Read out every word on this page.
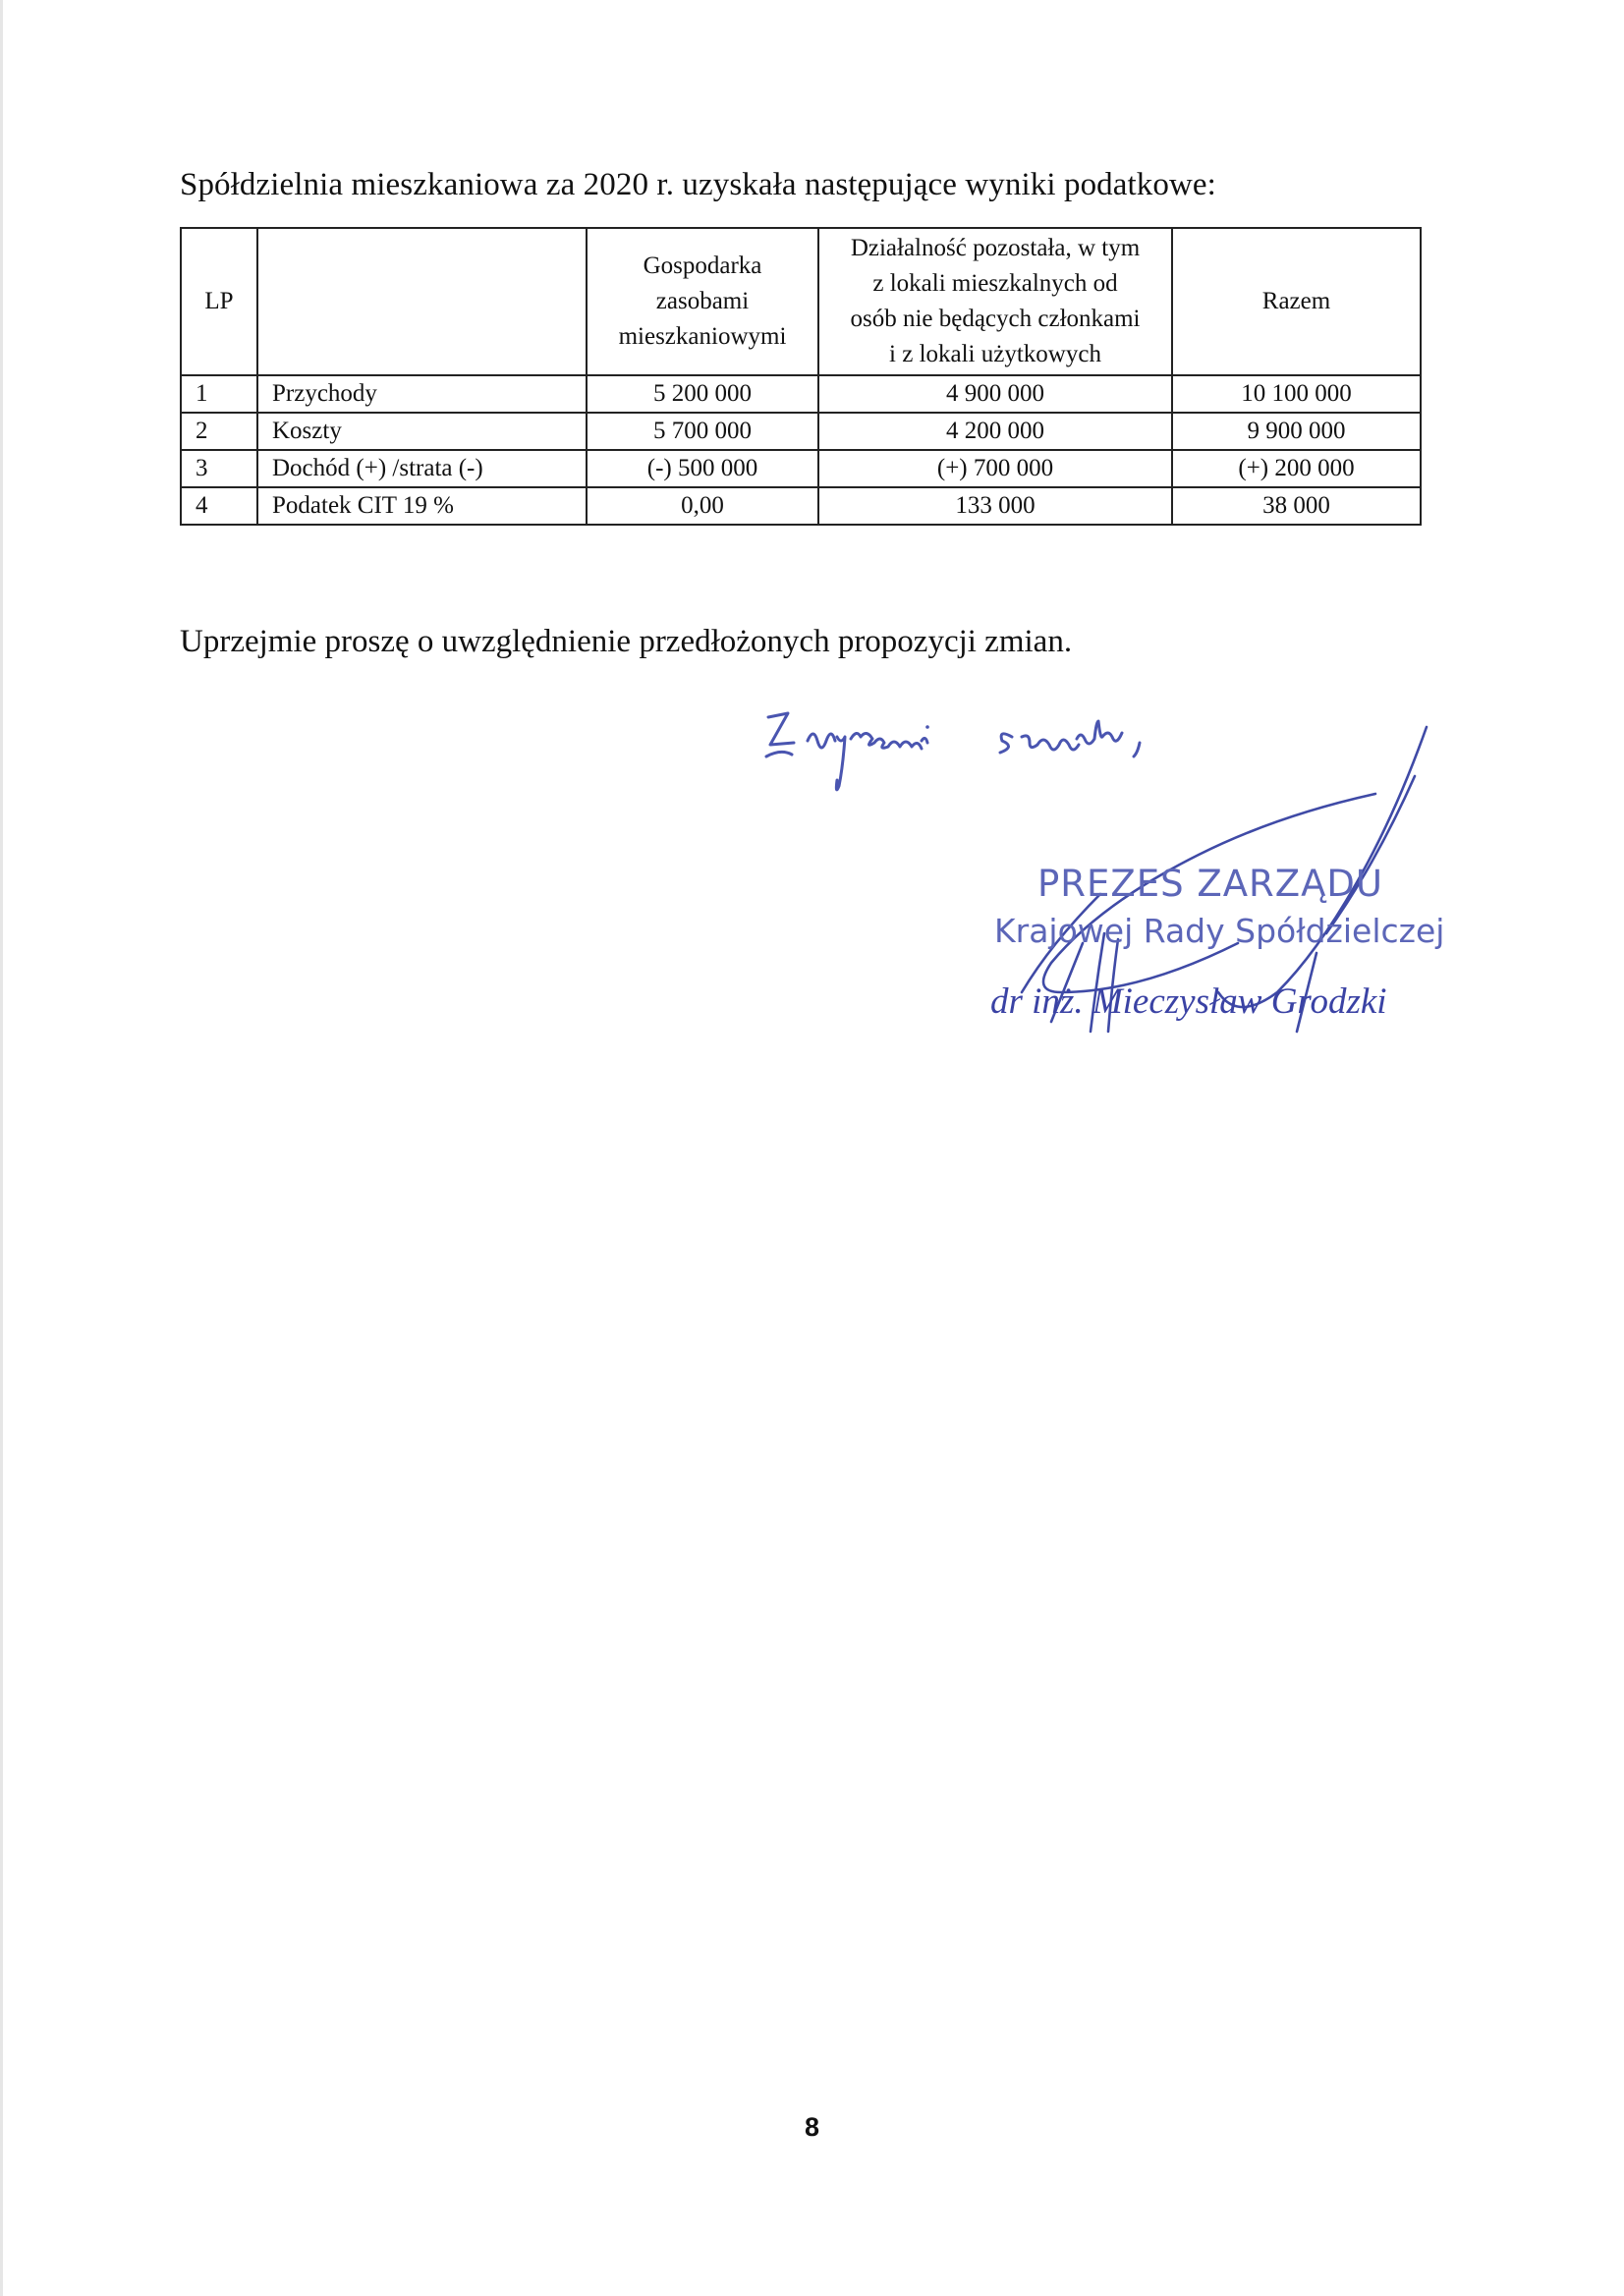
Spółdzielnia mieszkaniowa za 2020 r. uzyskała następujące wyniki podatkowe:
LP		Gospodarka
zasobami
mieszkaniowymi	Działalność pozostała, w tym
z lokali mieszkalnych od
osób nie będących członkami
i z lokali użytkowych	Razem
1	Przychody	5 200 000	4 900 000	10 100 000
2	Koszty	5 700 000	4 200 000	9 900 000
3	Dochód (+) /strata (-)	(-) 500 000	(+) 700 000	(+) 200 000
4	Podatek CIT 19 %	0,00	133 000	38 000
Uprzejmie proszę o uwzględnienie przedłożonych propozycji zmian.
PREZES ZARZĄDU
Krajowej Rady Spółdzielczej
dr inż. Mieczysław Grodzki
8
